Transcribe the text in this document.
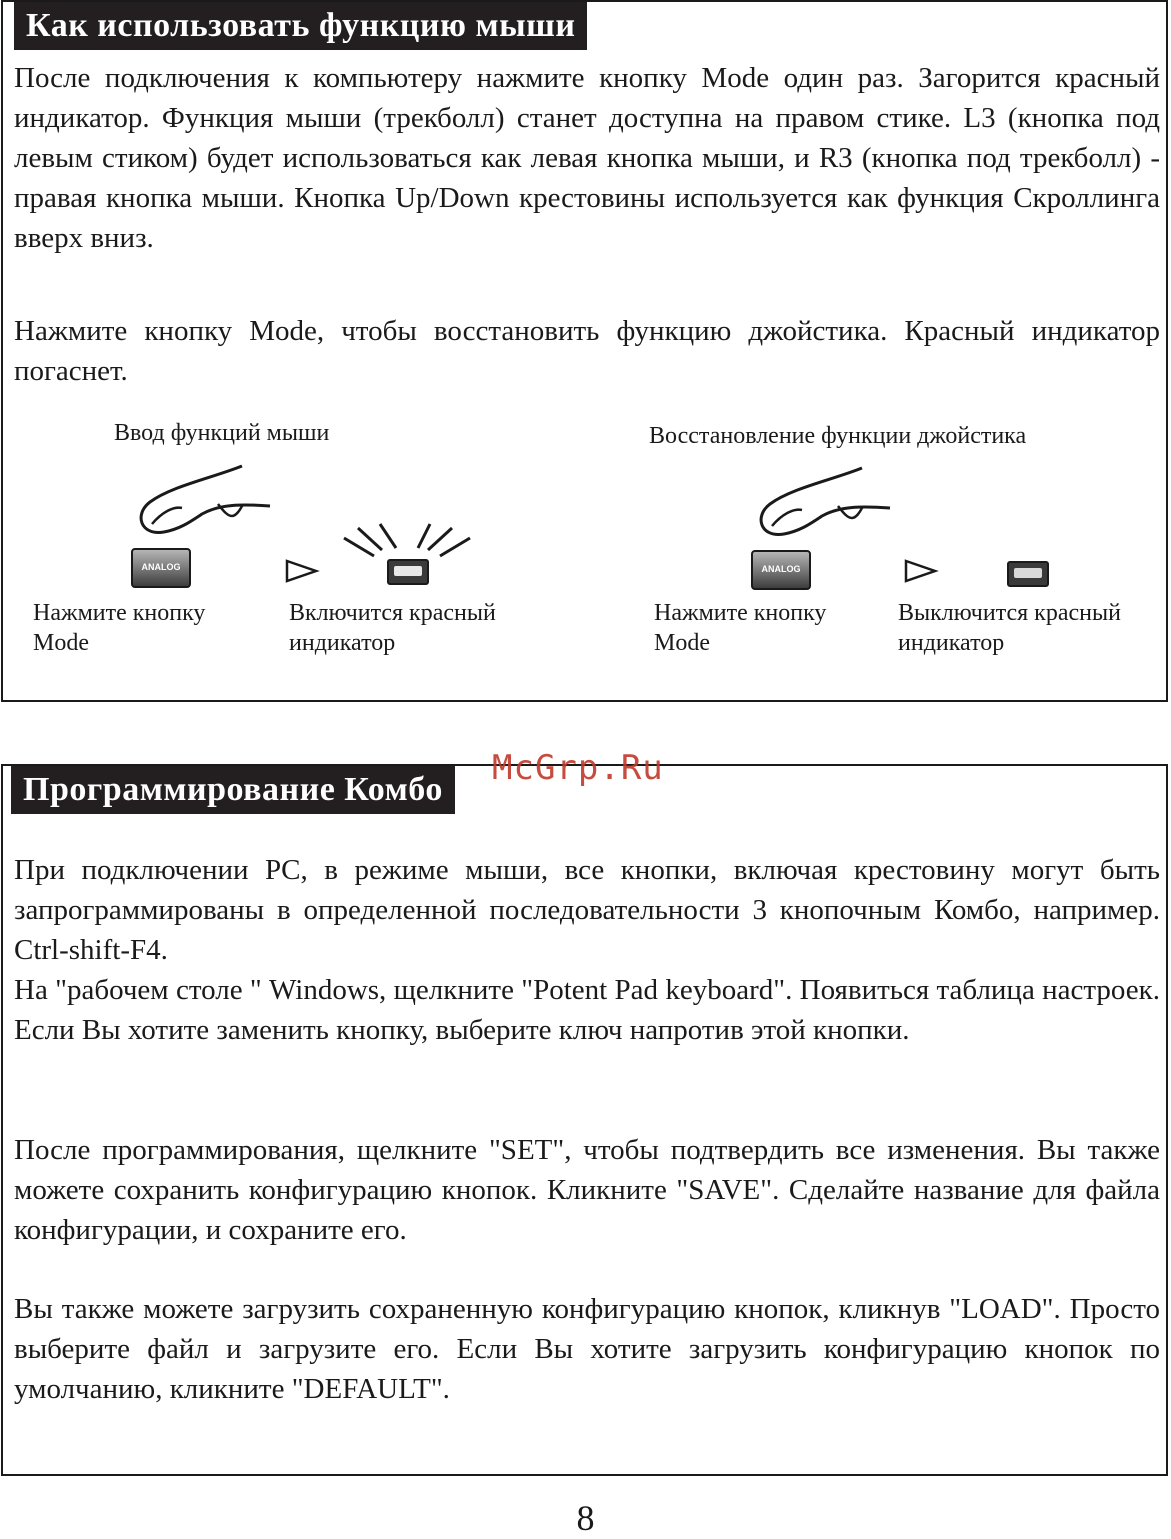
Как использовать функцию мыши

После подключения к компьютеру нажмите кнопку Mode один раз. Загорится красный индикатор. Функция мыши (трекболл) станет доступна на правом стике. L3 (кнопка под левым стиком) будет использоваться как левая кнопка мыши, и R3 (кнопка под трекболл) - правая кнопка мыши. Кнопка Up/Down крестовины используется как функция Скроллинга вверх вниз.

Нажмите кнопку Mode, чтобы восстановить функцию джойстика. Красный индикатор погаснет.

Ввод функций мыши
ANALOG
Нажмите кнопку
Mode
Включится красный
индикатор
Восстановление функции джойстика
ANALOG
Нажмите кнопку
Mode
Выключится красный
индикатор
Программирование Комбо
McGrp.Ru

При подключении PC, в режиме мыши, все кнопки, включая крестовину могут быть запрограммированы в определенной последовательности 3 кнопочным Комбо, например. Ctrl-shift-F4.

На "рабочем столе " Windows, щелкните "Potent Pad keyboard". Появиться таблица настроек. Если Вы хотите заменить кнопку, выберите ключ напротив этой кнопки.

После программирования, щелкните "SET", чтобы подтвердить все изменения. Вы также можете сохранить конфигурацию кнопок. Кликните "SAVE". Сделайте название для файла конфигурации, и сохраните его.

Вы также можете загрузить сохраненную конфигурацию кнопок, кликнув "LOAD". Просто выберите файл и загрузите его. Если Вы хотите загрузить конфигурацию кнопок по умолчанию, кликните "DEFAULT".

8
